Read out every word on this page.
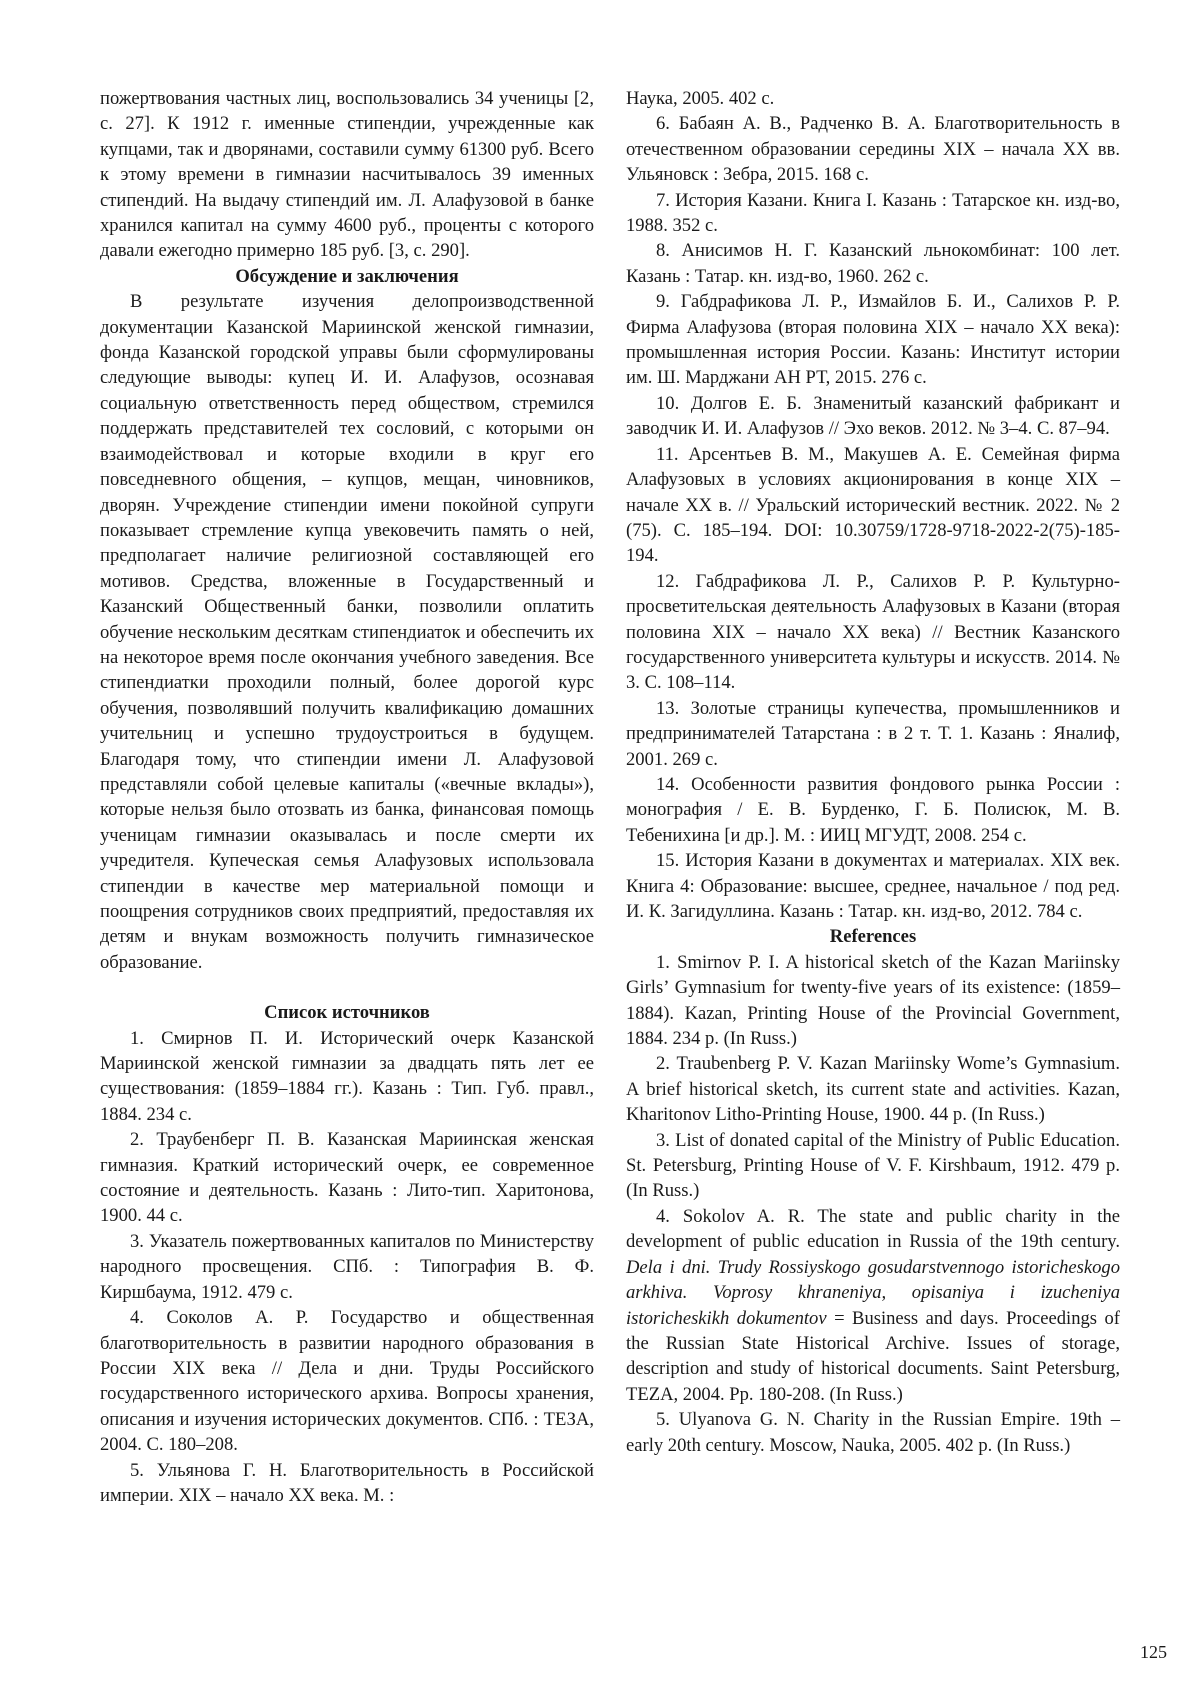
пожертвования частных лиц, воспользовались 34 ученицы [2, с. 27]. К 1912 г. именные стипендии, учрежденные как купцами, так и дворянами, составили сумму 61300 руб. Всего к этому времени в гимназии насчитывалось 39 именных стипендий. На выдачу стипендий им. Л. Алафузовой в банке хранился капитал на сумму 4600 руб., проценты с которого давали ежегодно примерно 185 руб. [3, с. 290].

Обсуждение и заключения

В результате изучения делопроизводственной документации Казанской Мариинской женской гимназии, фонда Казанской городской управы были сформулированы следующие выводы: купец И. И. Алафузов, осознавая социальную ответственность перед обществом, стремился поддержать представителей тех сословий, с которыми он взаимодействовал и которые входили в круг его повседневного общения, – купцов, мещан, чиновников, дворян. Учреждение стипендии имени покойной супруги показывает стремление купца увековечить память о ней, предполагает наличие религиозной составляющей его мотивов. Средства, вложенные в Государственный и Казанский Общественный банки, позволили оплатить обучение нескольким десяткам стипендиаток и обеспечить их на некоторое время после окончания учебного заведения. Все стипендиатки проходили полный, более дорогой курс обучения, позволявший получить квалификацию домашних учительниц и успешно трудоустроиться в будущем. Благодаря тому, что стипендии имени Л. Алафузовой представляли собой целевые капиталы («вечные вклады»), которые нельзя было отозвать из банка, финансовая помощь ученицам гимназии оказывалась и после смерти их учредителя. Купеческая семья Алафузовых использовала стипендии в качестве мер материальной помощи и поощрения сотрудников своих предприятий, предоставляя их детям и внукам возможность получить гимназическое образование.

Список источников

1. Смирнов П. И. Исторический очерк Казанской Мариинской женской гимназии за двадцать пять лет ее существования: (1859–1884 гг.). Казань : Тип. Губ. правл., 1884. 234 с.

2. Траубенберг П. В. Казанская Мариинская женская гимназия. Краткий исторический очерк, ее современное состояние и деятельность. Казань : Лито-тип. Харитонова, 1900. 44 с.

3. Указатель пожертвованных капиталов по Министерству народного просвещения. СПб. : Типография В. Ф. Киршбаума, 1912. 479 с.

4. Соколов А. Р. Государство и общественная благотворительность в развитии народного образования в России XIX века // Дела и дни. Труды Российского государственного исторического архива. Вопросы хранения, описания и изучения исторических документов. СПб. : ТЕЗА, 2004. С. 180–208.

5. Ульянова Г. Н. Благотворительность в Российской империи. XIX – начало XX века. М. :

Наука, 2005. 402 с.

6. Бабаян А. В., Радченко В. А. Благотворительность в отечественном образовании середины XIX – начала XX вв. Ульяновск : Зебра, 2015. 168 с.

7. История Казани. Книга I. Казань : Татарское кн. изд-во, 1988. 352 с.

8. Анисимов Н. Г. Казанский льнокомбинат: 100 лет. Казань : Татар. кн. изд-во, 1960. 262 с.

9. Габдрафикова Л. Р., Измайлов Б. И., Салихов Р. Р. Фирма Алафузова (вторая половина XIX – начало XX века): промышленная история России. Казань: Институт истории им. Ш. Марджани АН РТ, 2015. 276 с.

10. Долгов Е. Б. Знаменитый казанский фабрикант и заводчик И. И. Алафузов // Эхо веков. 2012. № 3–4. С. 87–94.

11. Арсентьев В. М., Макушев А. Е. Семейная фирма Алафузовых в условиях акционирования в конце XIX – начале XX в. // Уральский исторический вестник. 2022. № 2 (75). С. 185–194. DOI: 10.30759/1728-9718-2022-2(75)-185-194.

12. Габдрафикова Л. Р., Салихов Р. Р. Культурно-просветительская деятельность Алафузовых в Казани (вторая половина XIX – начало XX века) // Вестник Казанского государственного университета культуры и искусств. 2014. № 3. С. 108–114.

13. Золотые страницы купечества, промышленников и предпринимателей Татарстана : в 2 т. Т. 1. Казань : Яналиф, 2001. 269 с.

14. Особенности развития фондового рынка России : монография / Е. В. Бурденко, Г. Б. Полисюк, М. В. Тебенихина [и др.]. М. : ИИЦ МГУДТ, 2008. 254 с.

15. История Казани в документах и материалах. XIX век. Книга 4: Образование: высшее, среднее, начальное / под ред. И. К. Загидуллина. Казань : Татар. кн. изд-во, 2012. 784 с.

References

1. Smirnov P. I. A historical sketch of the Kazan Mariinsky Girls’ Gymnasium for twenty-five years of its existence: (1859–1884). Kazan, Printing House of the Provincial Government, 1884. 234 p. (In Russ.)

2. Traubenberg P. V. Kazan Mariinsky Wome’s Gymnasium. A brief historical sketch, its current state and activities. Kazan, Kharitonov Litho-Printing House, 1900. 44 p. (In Russ.)

3. List of donated capital of the Ministry of Public Education. St. Petersburg, Printing House of V. F. Kirshbaum, 1912. 479 p. (In Russ.)

4. Sokolov A. R. The state and public charity in the development of public education in Russia of the 19th century. Dela i dni. Trudy Rossiyskogo gosudarstvennogo istoricheskogo arkhiva. Voprosy khraneniya, opisaniya i izucheniya istoricheskikh dokumentov = Business and days. Proceedings of the Russian State Historical Archive. Issues of storage, description and study of historical documents. Saint Petersburg, TEZA, 2004. Pp. 180-208. (In Russ.)

5. Ulyanova G. N. Charity in the Russian Empire. 19th – early 20th century. Moscow, Nauka, 2005. 402 p. (In Russ.)

125
